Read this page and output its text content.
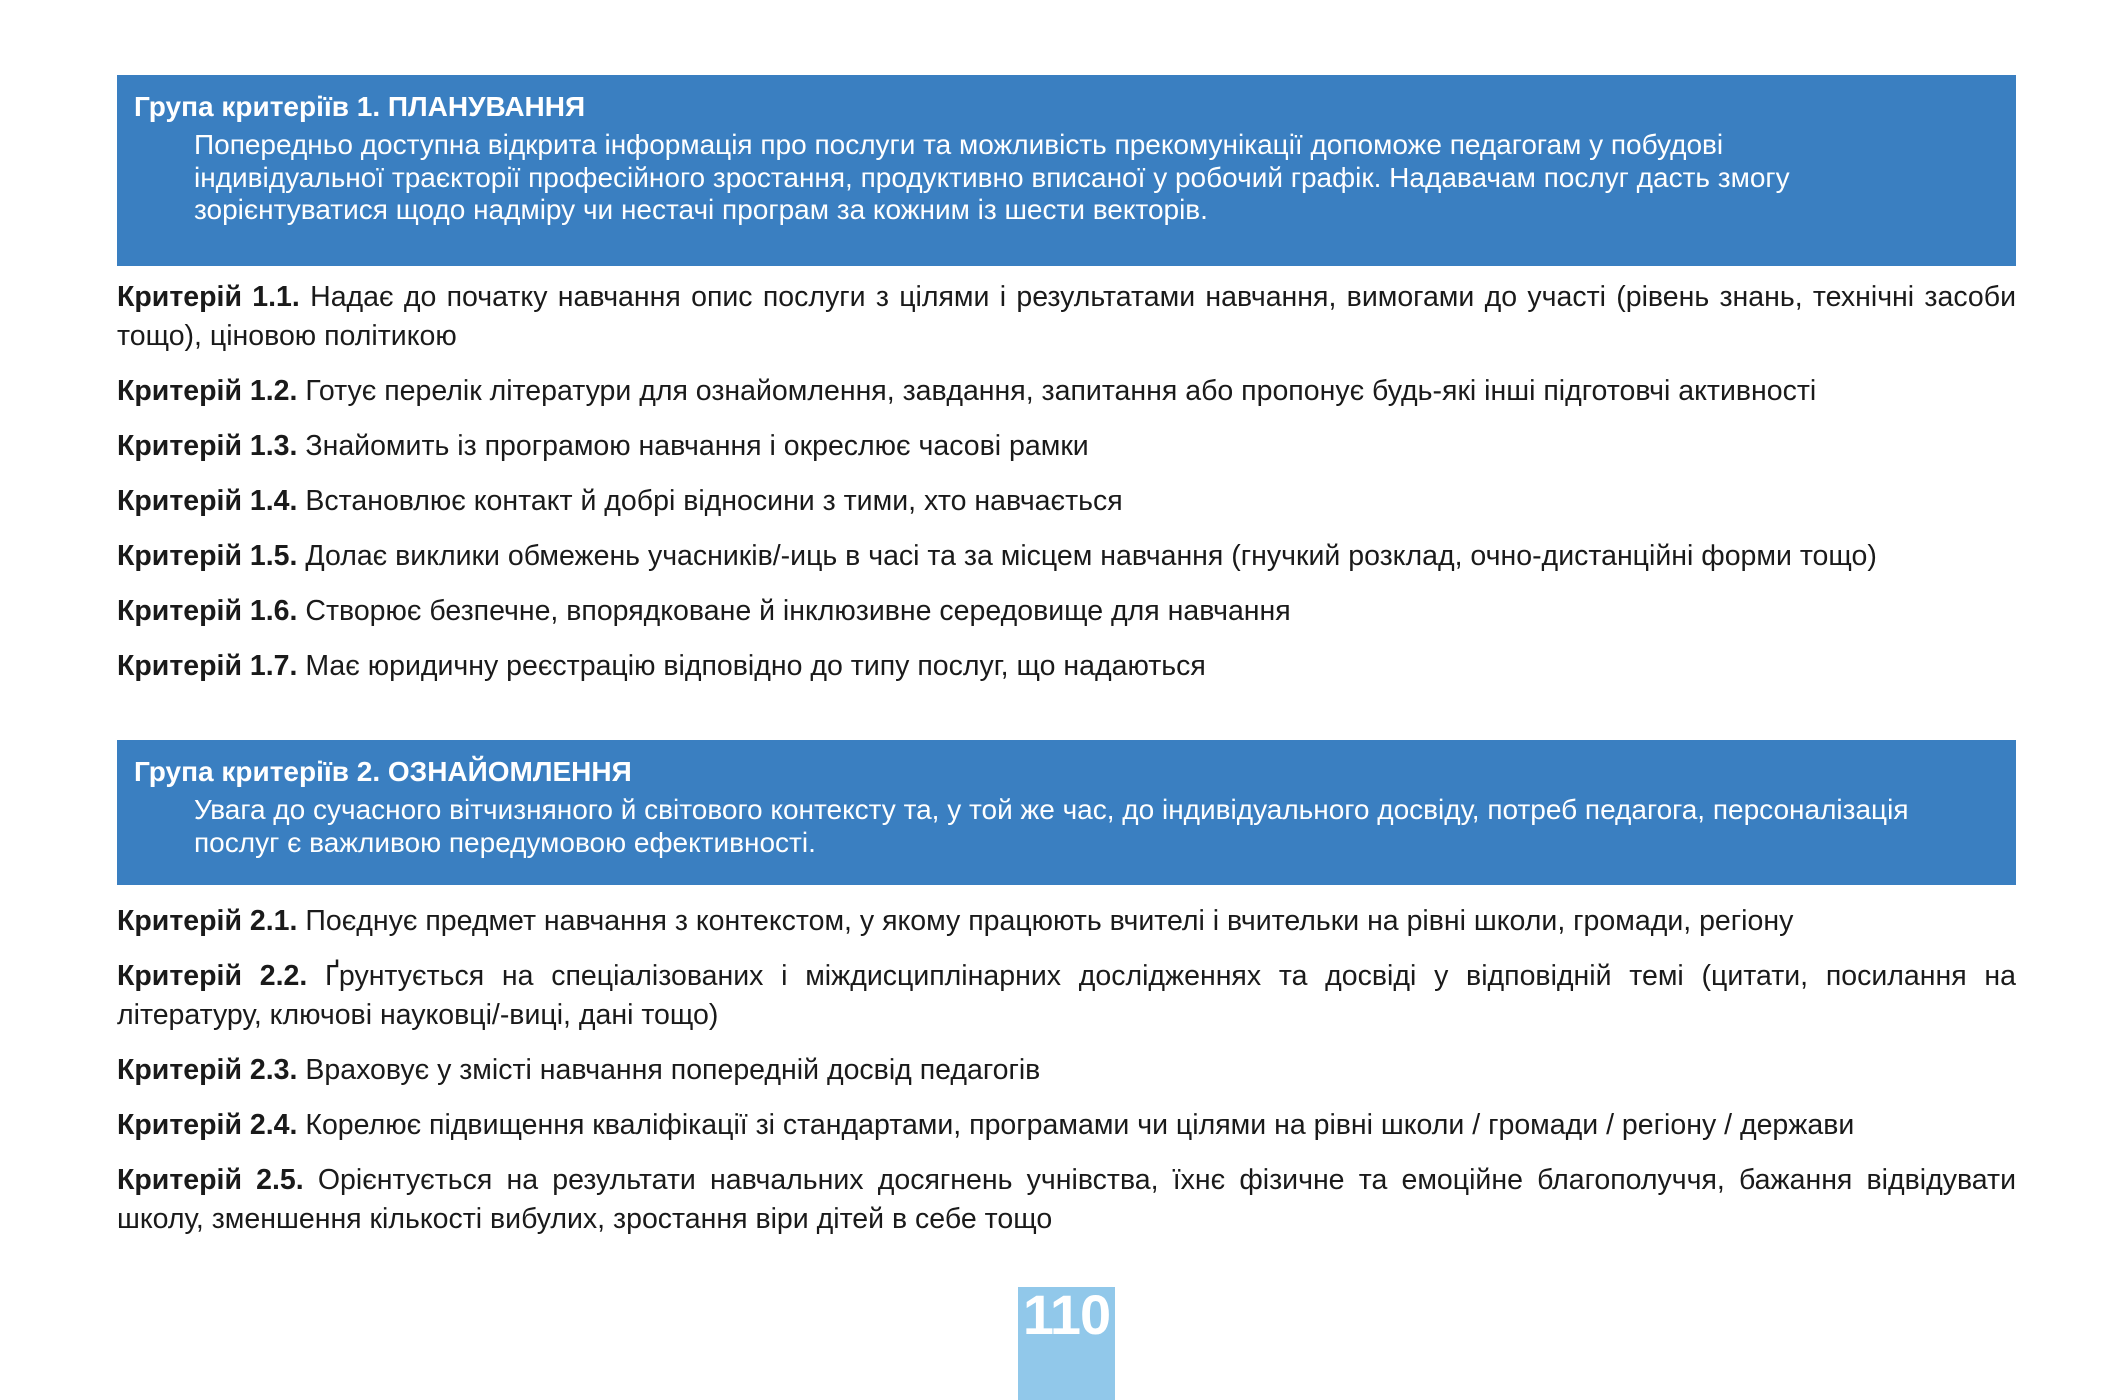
Група критеріїв 1. ПЛАНУВАННЯ

Попередньо доступна відкрита інформація про послуги та можливість прекомунікації допоможе педагогам у побудові індивідуальної траєкторії професійного зростання, продуктивно вписаної у робочий графік. Надавачам послуг дасть змогу зорієнтуватися щодо надміру чи нестачі програм за кожним із шести векторів.

Критерій 1.1. Надає до початку навчання опис послуги з цілями і результатами навчання, вимогами до участі (рівень знань, технічні засоби тощо), ціновою політикою

Критерій 1.2. Готує перелік літератури для ознайомлення, завдання, запитання або пропонує будь-які інші підготовчі активності

Критерій 1.3. Знайомить із програмою навчання і окреслює часові рамки

Критерій 1.4. Встановлює контакт й добрі відносини з тими, хто навчається

Критерій 1.5. Долає виклики обмежень учасників/-иць в часі та за місцем навчання (гнучкий розклад, очно-дистанційні форми тощо)

Критерій 1.6. Створює безпечне, впорядковане й інклюзивне середовище для навчання

Критерій 1.7. Має юридичну реєстрацію відповідно до типу послуг, що надаються

Група критеріїв 2. ОЗНАЙОМЛЕННЯ

Увага до сучасного вітчизняного й світового контексту та, у той же час, до індивідуального досвіду, потреб педагога, персоналізація послуг є важливою передумовою ефективності.

Критерій 2.1. Поєднує предмет навчання з контекстом, у якому працюють вчителі і вчительки на рівні школи, громади, регіону

Критерій 2.2. Ґрунтується на спеціалізованих і міждисциплінарних дослідженнях та досвіді у відповідній темі (цитати, посилання на літературу, ключові науковці/-виці, дані тощо)

Критерій 2.3. Враховує у змісті навчання попередній досвід педагогів

Критерій 2.4. Корелює підвищення кваліфікації зі стандартами, програмами чи цілями на рівні школи / громади / регіону / держави

Критерій 2.5. Орієнтується на результати навчальних досягнень учнівства, їхнє фізичне та емоційне благополуччя, бажання відвідувати школу, зменшення кількості вибулих, зростання віри дітей в себе тощо

110
